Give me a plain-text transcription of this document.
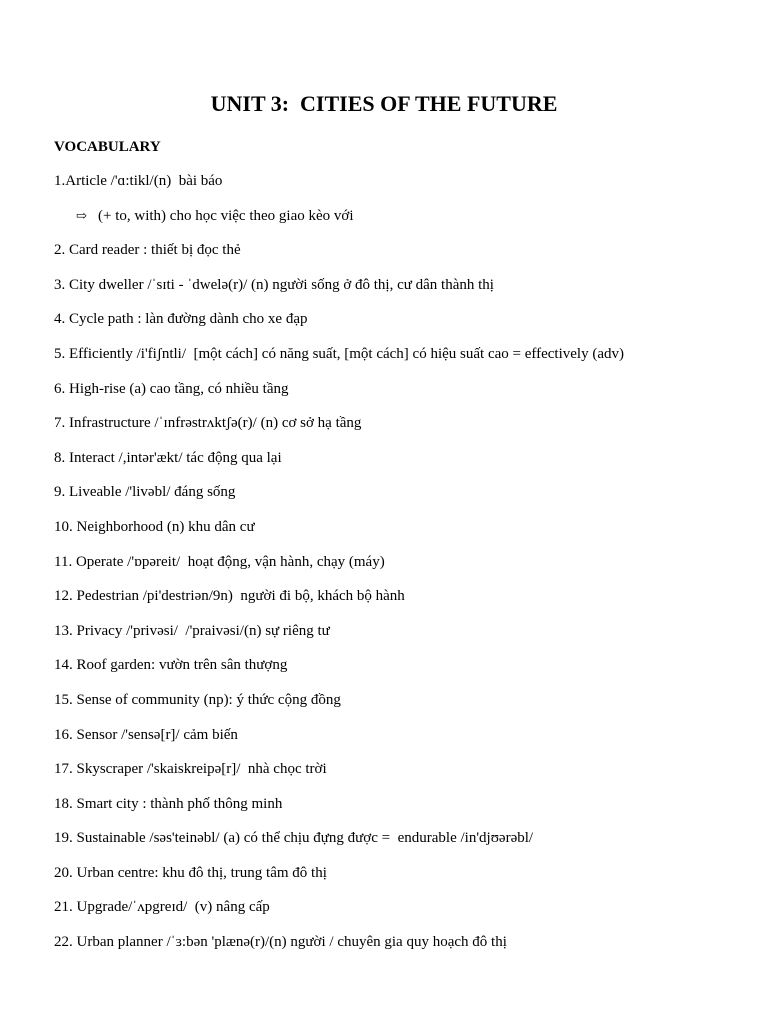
UNIT 3:  CITIES OF THE FUTURE
VOCABULARY
1.Article /'ɑ:tikl/(n)  bài báo
⇨ (+ to, with) cho học việc theo giao kèo với
2. Card reader : thiết bị đọc thẻ
3. City dweller /ˈsɪti - ˈdwelə(r)/ (n) người sống ở đô thị, cư dân thành thị
4. Cycle path : làn đường dành cho xe đạp
5. Efficiently /i'fiʃntli/  [một cách] có năng suất, [một cách] có hiệu suất cao = effectively (adv)
6. High-rise (a) cao tầng, có nhiều tầng
7. Infrastructure /ˈɪnfrəstrʌktʃə(r)/ (n) cơ sở hạ tầng
8. Interact /,intər'ækt/ tác động qua lại
9. Liveable /'livəbl/ đáng sống
10. Neighborhood (n) khu dân cư
11. Operate /'ɒpəreit/  hoạt động, vận hành, chạy (máy)
12. Pedestrian /pi'destriən/9n)  người đi bộ, khách bộ hành
13. Privacy /'privəsi/  /'praivəsi/(n) sự riêng tư
14. Roof garden: vườn trên sân thượng
15. Sense of community (np): ý thức cộng đồng
16. Sensor /'sensə[r]/ cảm biến
17. Skyscraper /'skaiskreipə[r]/  nhà chọc trời
18. Smart city : thành phố thông minh
19. Sustainable /səs'teinəbl/ (a) có thể chịu đựng được =  endurable /in'djʊərəbl/
20. Urban centre: khu đô thị, trung tâm đô thị
21. Upgrade/ˈʌpgreɪd/  (v) nâng cấp
22. Urban planner /ˈɜ:bən 'plænə(r)/(n) người / chuyên gia quy hoạch đô thị
